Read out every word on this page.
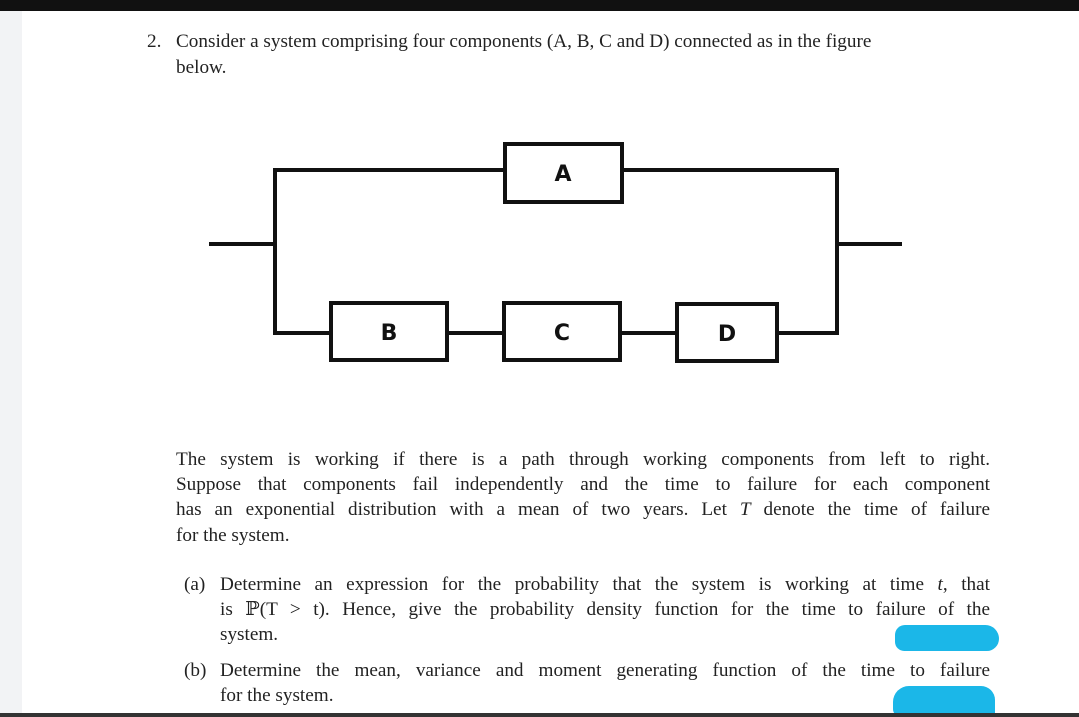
2. Consider a system comprising four components (A, B, C and D) connected as in the figure
below.
A
B	C	D
The system is working if there is a path through working components from left to right.
Suppose that components fail independently and the time to failure for each component
has an exponential distribution with a mean of two years. Let T denote the time of failure
for the system.
(a) Determine an expression for the probability that the system is working at time t, that
is ℙ(T > t). Hence, give the probability density function for the time to failure of the
system.
(b) Determine the mean, variance and moment generating function of the time to failure
for the system.
